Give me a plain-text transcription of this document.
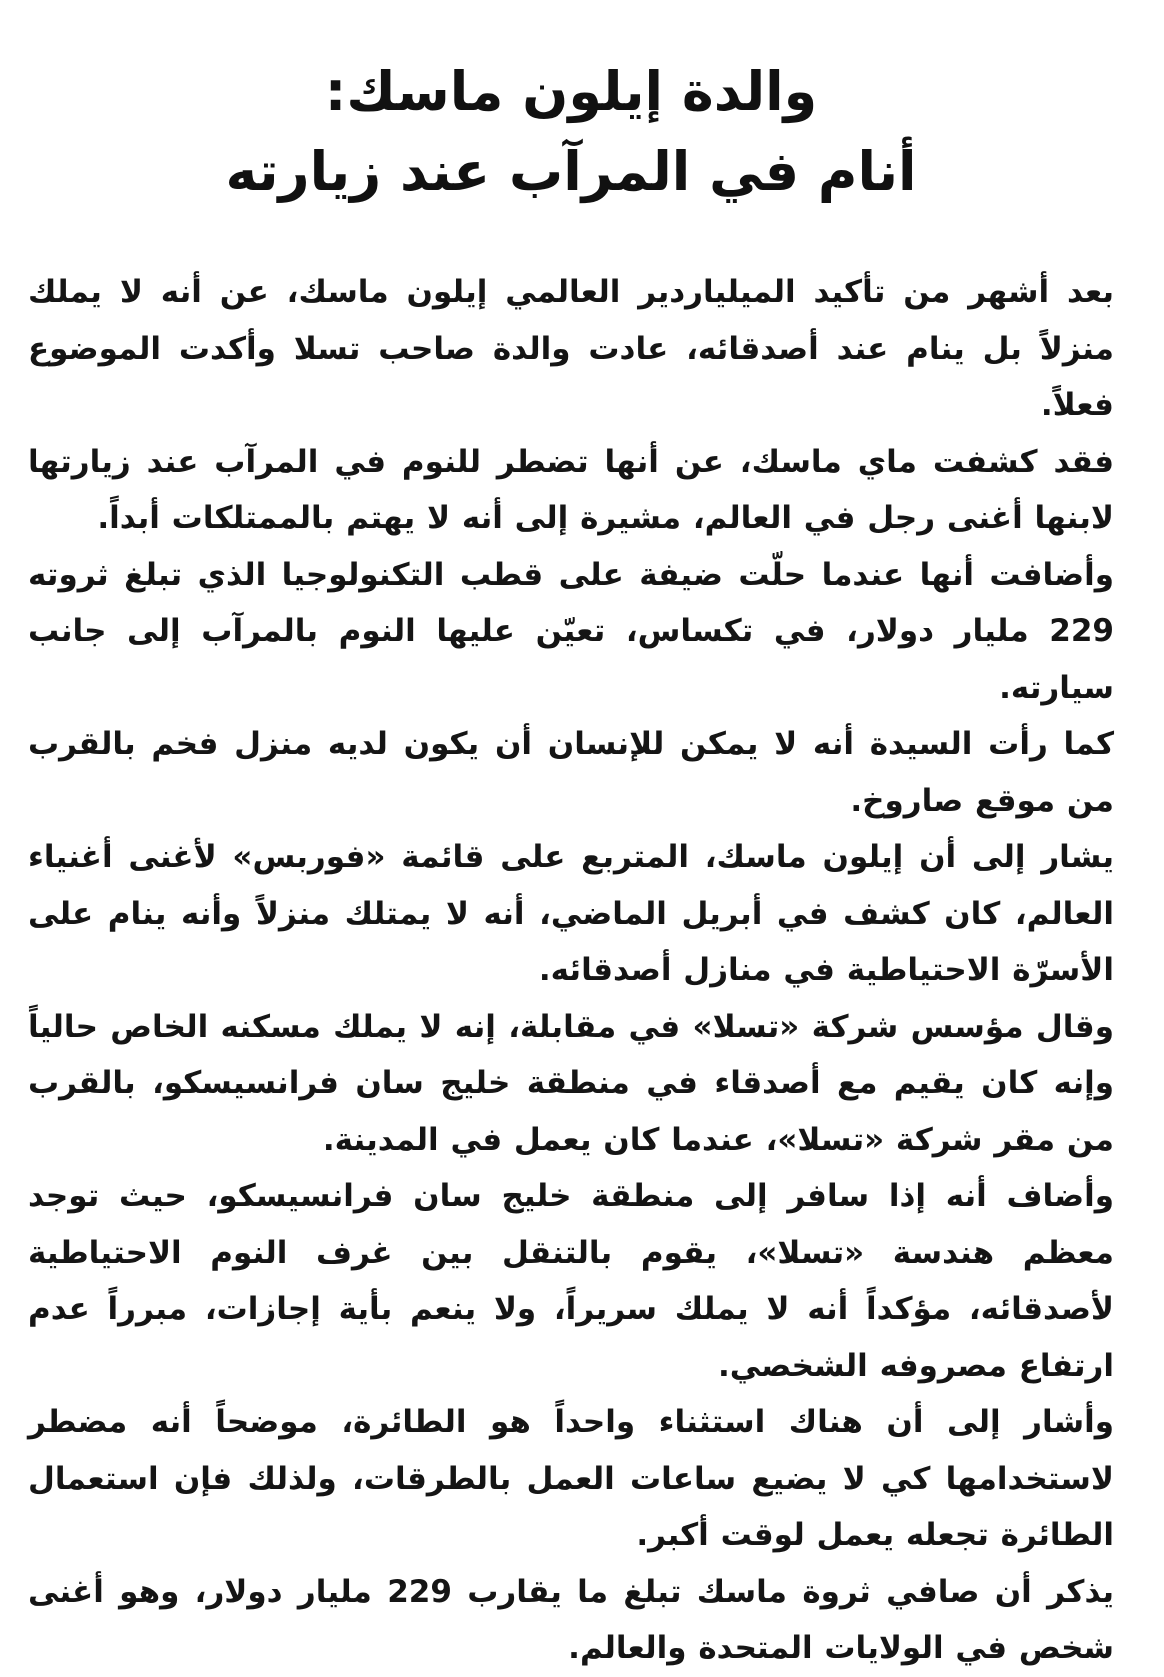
والدة إيلون ماسك:
أنام في المرآب عند زيارته

بعد أشهر من تأكيد الميلياردير العالمي إيلون ماسك، عن أنه لا يملك منزلاً بل ينام عند أصدقائه، عادت والدة صاحب تسلا وأكدت الموضوع فعلاً.

فقد كشفت ماي ماسك، عن أنها تضطر للنوم في المرآب عند زيارتها لابنها أغنى رجل في العالم، مشيرة إلى أنه لا يهتم بالممتلكات أبداً.

وأضافت أنها عندما حلّت ضيفة على قطب التكنولوجيا الذي تبلغ ثروته 229 مليار دولار، في تكساس، تعيّن عليها النوم بالمرآب إلى جانب سيارته.

كما رأت السيدة أنه لا يمكن للإنسان أن يكون لديه منزل فخم بالقرب من موقع صاروخ.

يشار إلى أن إيلون ماسك، المتربع على قائمة «فوربس» لأغنى أغنياء العالم، كان كشف في أبريل الماضي، أنه لا يمتلك منزلاً وأنه ينام على الأسرّة الاحتياطية في منازل أصدقائه.

وقال مؤسس شركة «تسلا» في مقابلة، إنه لا يملك مسكنه الخاص حالياً وإنه كان يقيم مع أصدقاء في منطقة خليج سان فرانسيسكو، بالقرب من مقر شركة «تسلا»، عندما كان يعمل في المدينة.

وأضاف أنه إذا سافر إلى منطقة خليج سان فرانسيسكو، حيث توجد معظم هندسة «تسلا»، يقوم بالتنقل بين غرف النوم الاحتياطية لأصدقائه، مؤكداً أنه لا يملك سريراً، ولا ينعم بأية إجازات، مبرراً عدم ارتفاع مصروفه الشخصي.

وأشار إلى أن هناك استثناء واحداً هو الطائرة، موضحاً أنه مضطر لاستخدامها كي لا يضيع ساعات العمل بالطرقات، ولذلك فإن استعمال الطائرة تجعله يعمل لوقت أكبر.

يذكر أن صافي ثروة ماسك تبلغ ما يقارب 229 مليار دولار، وهو أغنى شخص في الولايات المتحدة والعالم.
